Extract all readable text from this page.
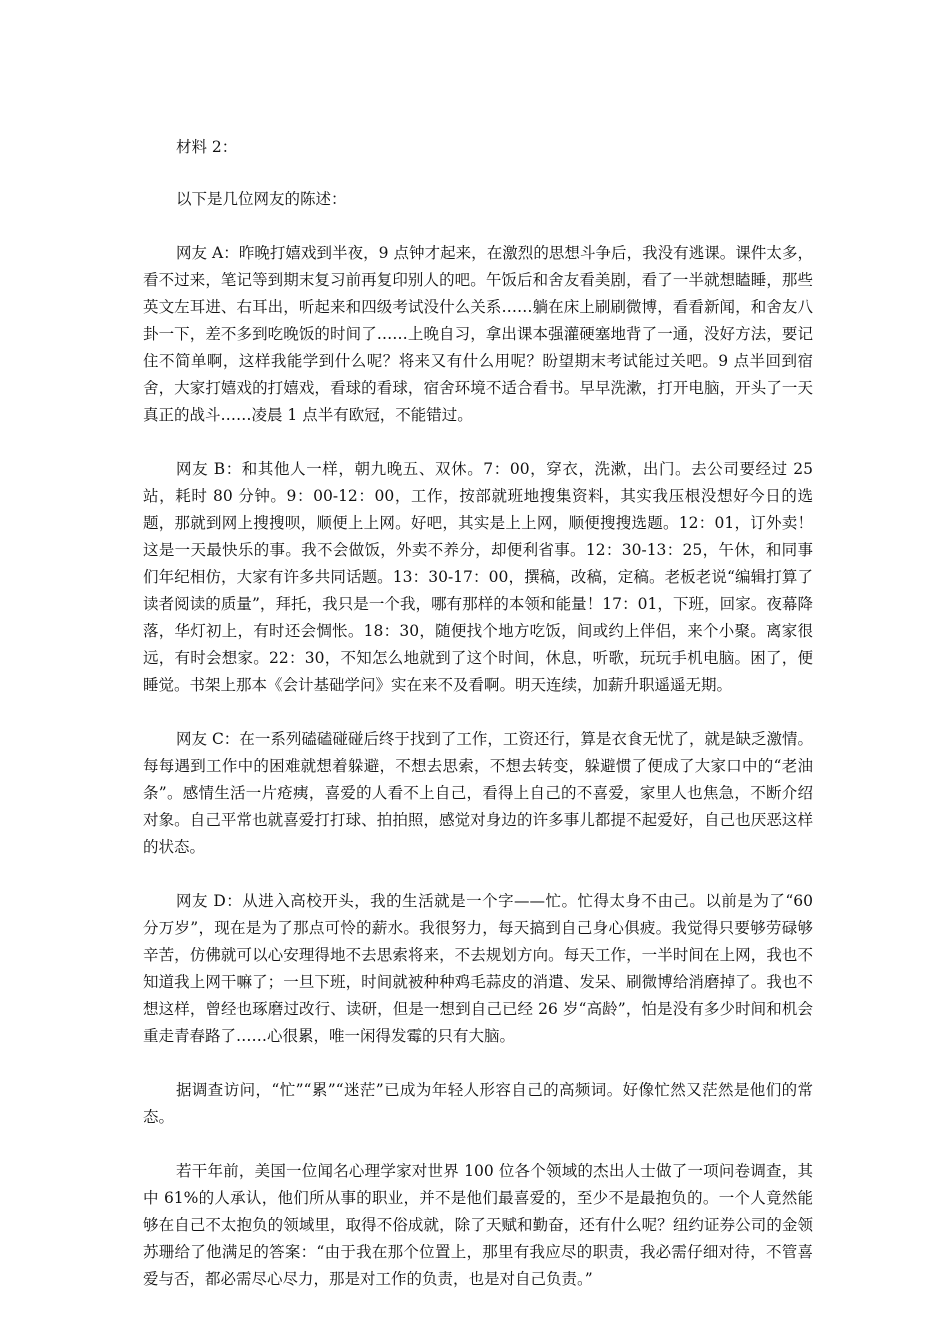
材料 2：

以下是几位网友的陈述：

网友 A：昨晚打嬉戏到半夜，9 点钟才起来，在激烈的思想斗争后，我没有逃课。课件太多，看不过来，笔记等到期末复习前再复印别人的吧。午饭后和舍友看美剧，看了一半就想瞌睡，那些英文左耳进、右耳出，听起来和四级考试没什么关系……躺在床上刷刷微博，看看新闻，和舍友八卦一下，差不多到吃晚饭的时间了……上晚自习，拿出课本强灌硬塞地背了一通，没好方法，要记住不简单啊，这样我能学到什么呢？将来又有什么用呢？盼望期末考试能过关吧。9 点半回到宿舍，大家打嬉戏的打嬉戏，看球的看球，宿舍环境不适合看书。早早洗漱，打开电脑，开头了一天真正的战斗……凌晨 1 点半有欧冠，不能错过。

网友 B：和其他人一样，朝九晚五、双休。7：00，穿衣，洗漱，出门。去公司要经过 25 站，耗时 80 分钟。9：00-12：00，工作，按部就班地搜集资料，其实我压根没想好今日的选题，那就到网上搜搜呗，顺便上上网。好吧，其实是上上网，顺便搜搜选题。12：01，订外卖！这是一天最快乐的事。我不会做饭，外卖不养分，却便利省事。12：30-13：25，午休，和同事们年纪相仿，大家有许多共同话题。13：30-17：00，撰稿，改稿，定稿。老板老说“编辑打算了读者阅读的质量”，拜托，我只是一个我，哪有那样的本领和能量！17：01，下班，回家。夜幕降落，华灯初上，有时还会惆怅。18：30，随便找个地方吃饭，间或约上伴侣，来个小聚。离家很远，有时会想家。22：30，不知怎么地就到了这个时间，休息，听歌，玩玩手机电脑。困了，便睡觉。书架上那本《会计基础学问》实在来不及看啊。明天连续，加薪升职遥遥无期。

网友 C：在一系列磕磕碰碰后终于找到了工作，工资还行，算是衣食无忧了，就是缺乏激情。每每遇到工作中的困难就想着躲避，不想去思索，不想去转变，躲避惯了便成了大家口中的“老油条”。感情生活一片疮痍，喜爱的人看不上自己，看得上自己的不喜爱，家里人也焦急，不断介绍对象。自己平常也就喜爱打打球、拍拍照，感觉对身边的许多事儿都提不起爱好，自己也厌恶这样的状态。

网友 D：从进入高校开头，我的生活就是一个字——忙。忙得太身不由己。以前是为了“60 分万岁”，现在是为了那点可怜的薪水。我很努力，每天搞到自己身心俱疲。我觉得只要够劳碌够辛苦，仿佛就可以心安理得地不去思索将来，不去规划方向。每天工作，一半时间在上网，我也不知道我上网干嘛了；一旦下班，时间就被种种鸡毛蒜皮的消遣、发呆、刷微博给消磨掉了。我也不想这样，曾经也琢磨过改行、读研，但是一想到自己已经 26 岁“高龄”，怕是没有多少时间和机会重走青春路了……心很累，唯一闲得发霉的只有大脑。

据调查访问，“忙”“累”“迷茫”已成为年轻人形容自己的高频词。好像忙然又茫然是他们的常态。

若干年前，美国一位闻名心理学家对世界 100 位各个领域的杰出人士做了一项问卷调查，其中 61%的人承认，他们所从事的职业，并不是他们最喜爱的，至少不是最抱负的。一个人竟然能够在自己不太抱负的领域里，取得不俗成就，除了天赋和勤奋，还有什么呢？纽约证券公司的金领苏珊给了他满足的答案：“由于我在那个位置上，那里有我应尽的职责，我必需仔细对待，不管喜爱与否，都必需尽心尽力，那是对工作的负责，也是对自己负责。”
